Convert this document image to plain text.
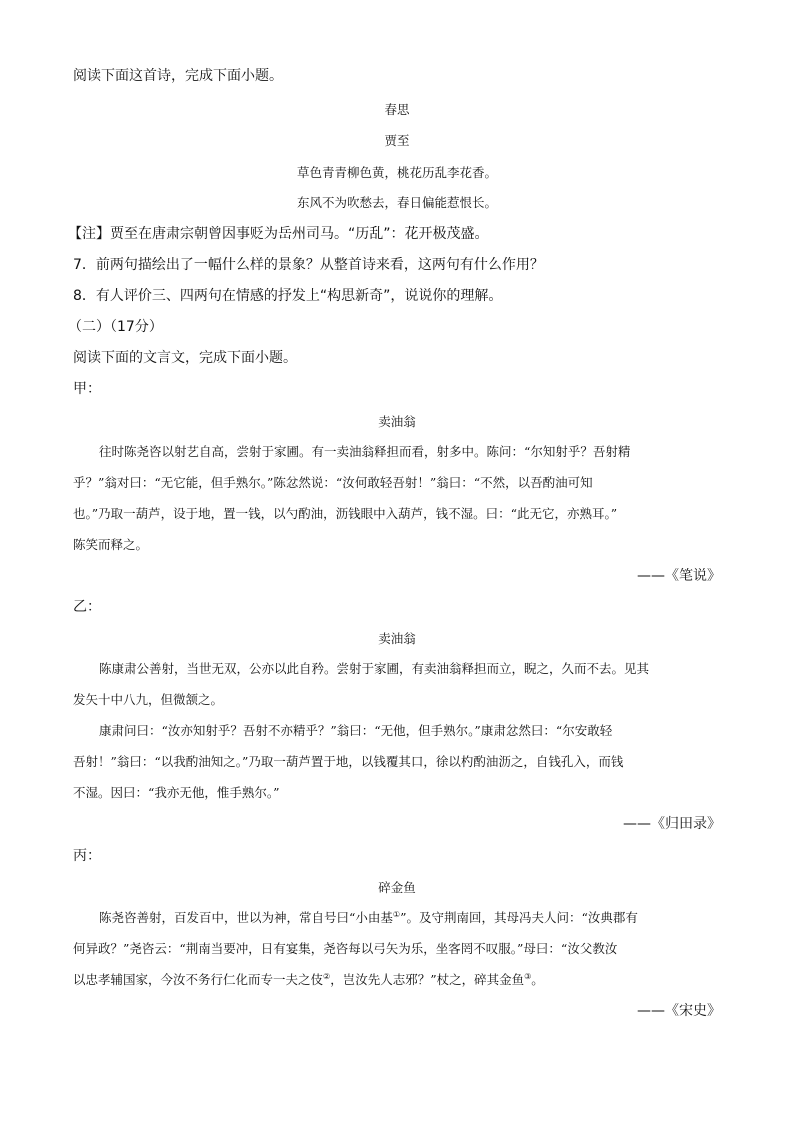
阅读下面这首诗，完成下面小题。
春思
贾至
草色青青柳色黄，桃花历乱李花香。
东风不为吹愁去，春日偏能惹恨长。
【注】贾至在唐肃宗朝曾因事贬为岳州司马。“历乱”：花开极茂盛。
7．前两句描绘出了一幅什么样的景象？从整首诗来看，这两句有什么作用？
8．有人评价三、四两句在情感的抒发上“构思新奇”，说说你的理解。
（二）（17分）
阅读下面的文言文，完成下面小题。
甲：
卖油翁
往时陈尧咨以射艺自高，尝射于家圃。有一卖油翁释担而看，射多中。陈问：“尔知射乎？吾射精
乎？”翁对曰：“无它能，但手熟尔。”陈忿然说：“汝何敢轻吾射！”翁曰：“不然，以吾酌油可知
也。”乃取一葫芦，设于地，置一钱，以勺酌油，沥钱眼中入葫芦，钱不湿。曰：“此无它，亦熟耳。”
陈笑而释之。
——《笔说》
乙：
卖油翁
陈康肃公善射，当世无双，公亦以此自矜。尝射于家圃，有卖油翁释担而立，睨之，久而不去。见其
发矢十中八九，但微颔之。
康肃问曰：“汝亦知射乎？吾射不亦精乎？”翁曰：“无他，但手熟尔。”康肃忿然曰：“尔安敢轻
吾射！”翁曰：“以我酌油知之。”乃取一葫芦置于地，以钱覆其口，徐以杓酌油沥之，自钱孔入，而钱
不湿。因曰：“我亦无他，惟手熟尔。”
——《归田录》
丙：
碎金鱼
陈尧咨善射，百发百中，世以为神，常自号曰“小由基①”。及守荆南回，其母冯夫人问：“汝典郡有
何异政？”尧咨云：“荆南当要冲，日有宴集，尧咨每以弓矢为乐，坐客罔不叹服。”母曰：“汝父教汝
以忠孝辅国家，今汝不务行仁化而专一夫之伎②，岂汝先人志邪？”杖之，碎其金鱼③。
——《宋史》
